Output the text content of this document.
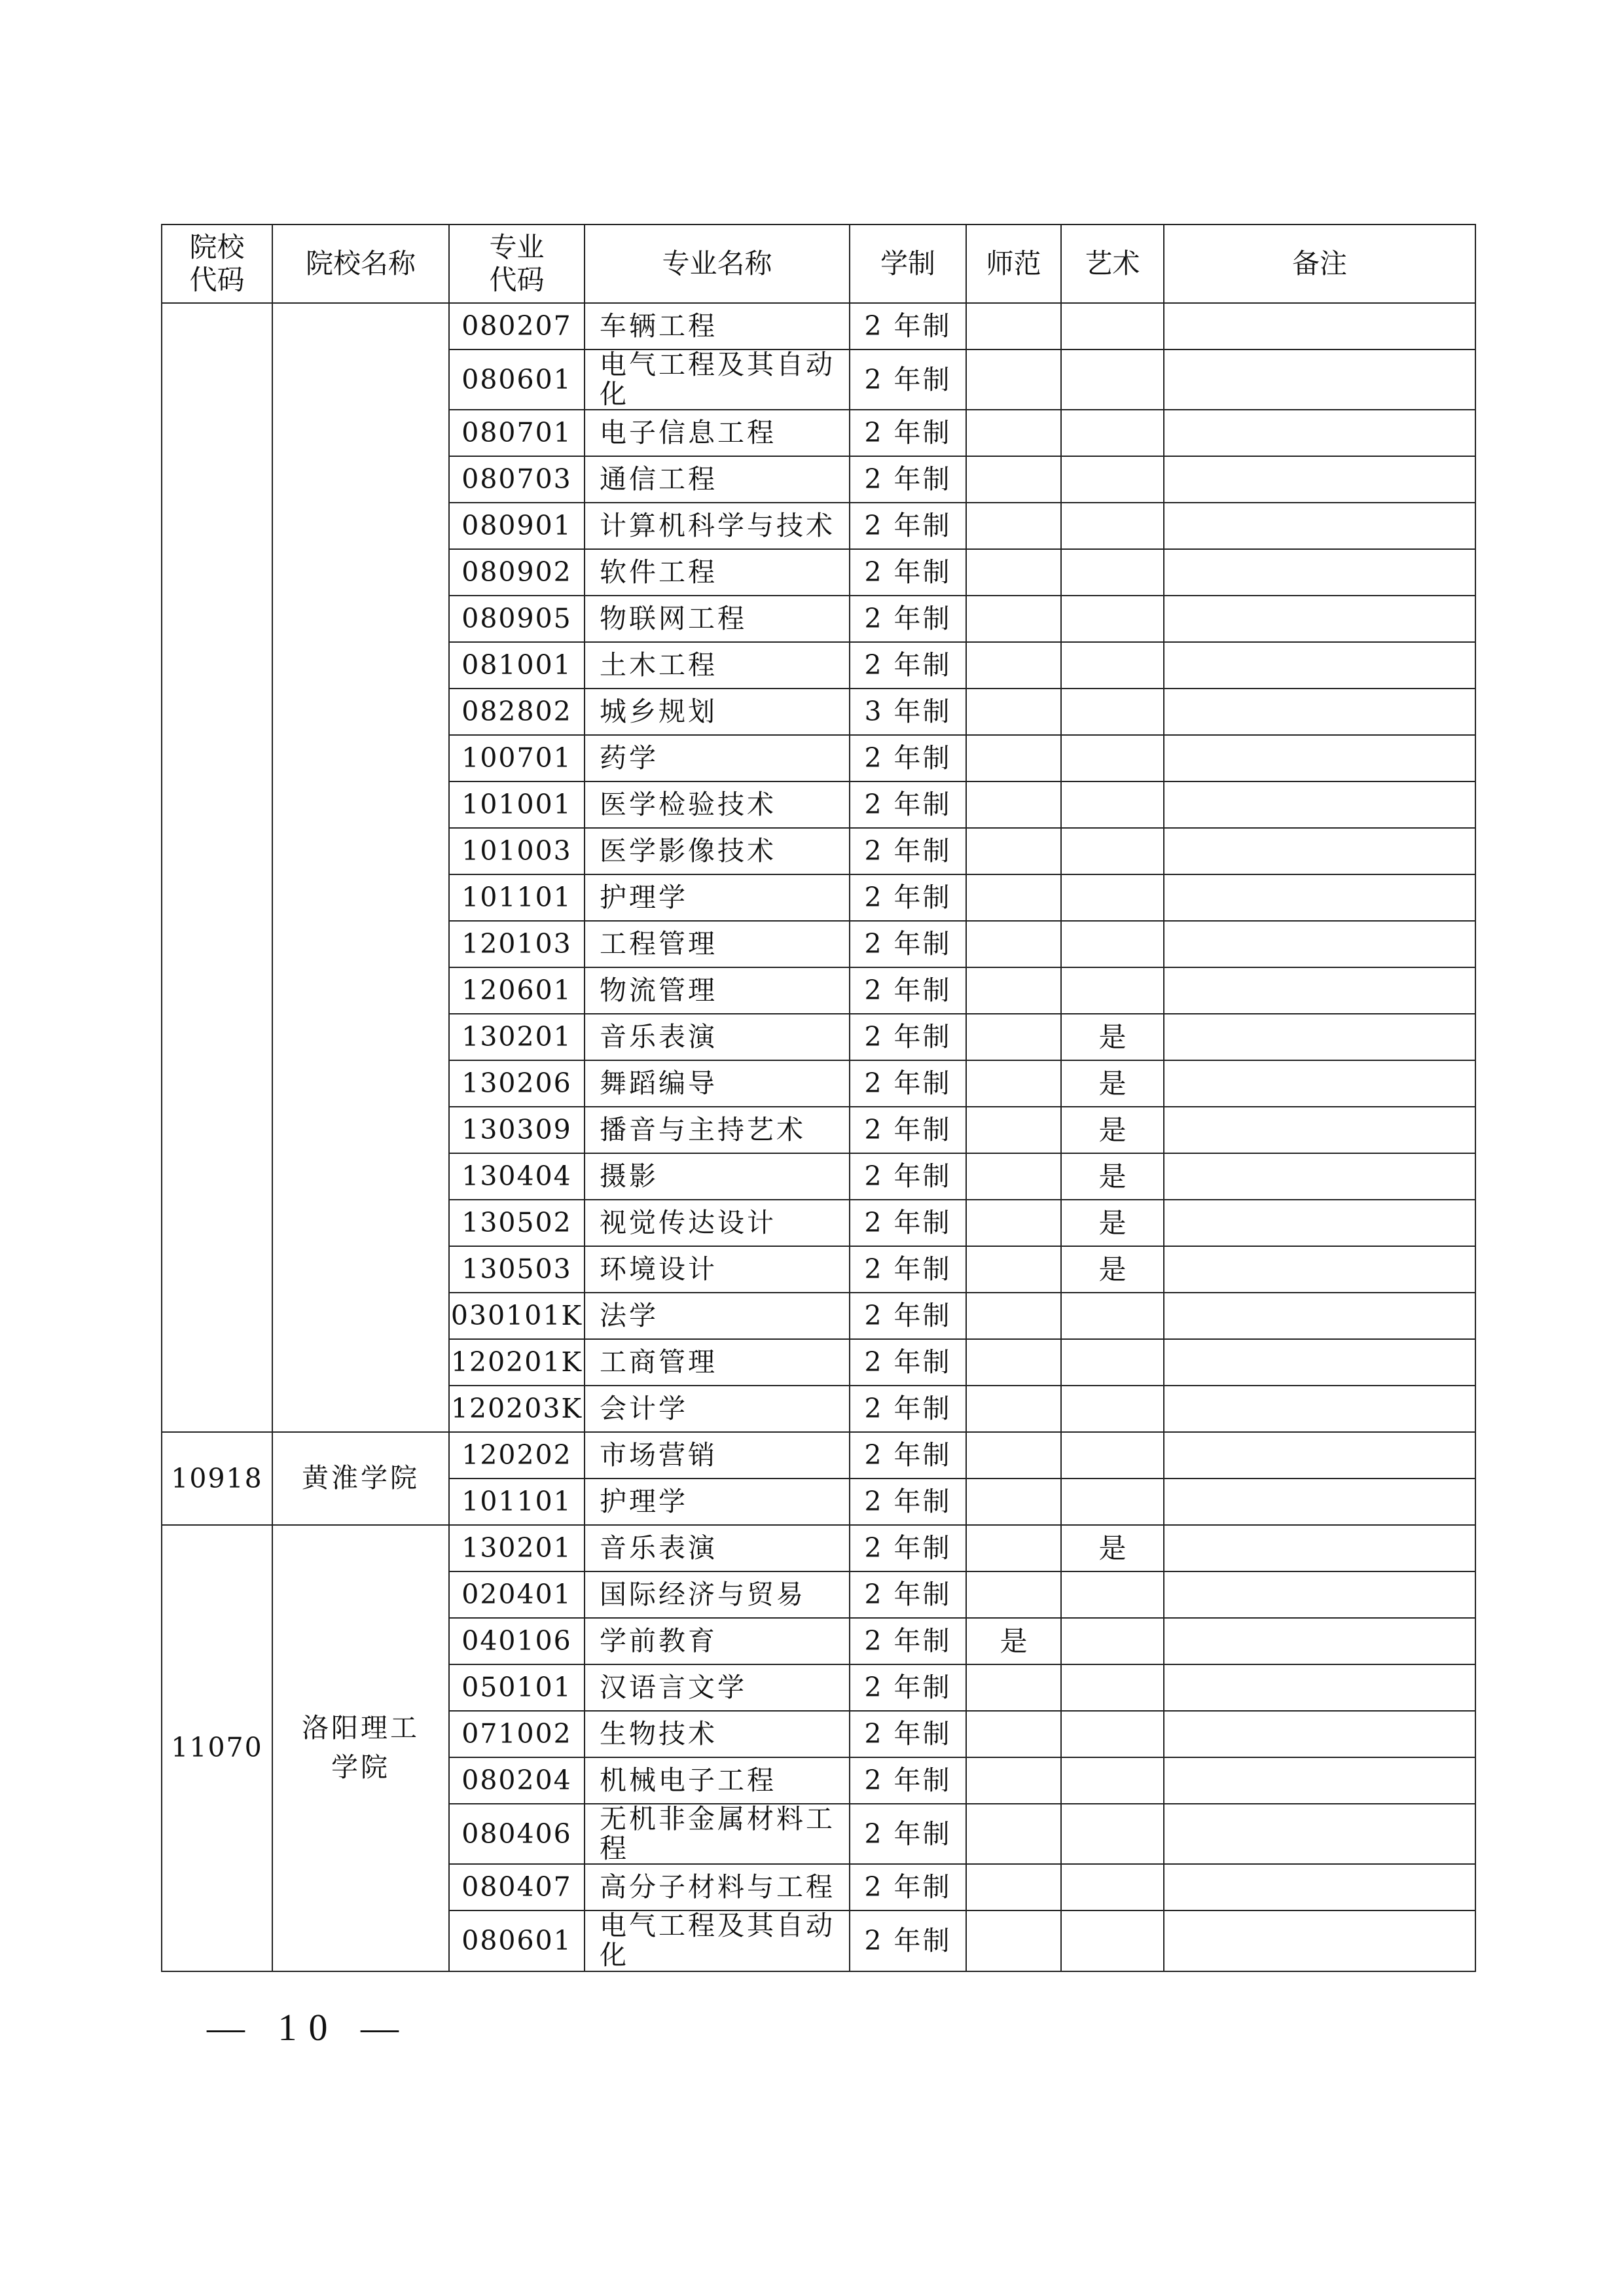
院校代码	院校名称	专业代码	专业名称	学制	师范	艺术	备注
		080207	车辆工程	2 年制			
		080601	电气工程及其自动化	2 年制			
		080701	电子信息工程	2 年制			
		080703	通信工程	2 年制			
		080901	计算机科学与技术	2 年制			
		080902	软件工程	2 年制			
		080905	物联网工程	2 年制			
		081001	土木工程	2 年制			
		082802	城乡规划	3 年制			
		100701	药学	2 年制			
		101001	医学检验技术	2 年制			
		101003	医学影像技术	2 年制			
		101101	护理学	2 年制			
		120103	工程管理	2 年制			
		120601	物流管理	2 年制			
		130201	音乐表演	2 年制		是	
		130206	舞蹈编导	2 年制		是	
		130309	播音与主持艺术	2 年制		是	
		130404	摄影	2 年制		是	
		130502	视觉传达设计	2 年制		是	
		130503	环境设计	2 年制		是	
		030101K	法学	2 年制			
		120201K	工商管理	2 年制			
		120203K	会计学	2 年制			
10918	黄淮学院	120202	市场营销	2 年制			
		101101	护理学	2 年制			
11070	洛阳理工学院	130201	音乐表演	2 年制		是	
		020401	国际经济与贸易	2 年制			
		040106	学前教育	2 年制	是		
		050101	汉语言文学	2 年制			
		071002	生物技术	2 年制			
		080204	机械电子工程	2 年制			
		080406	无机非金属材料工程	2 年制			
		080407	高分子材料与工程	2 年制			
		080601	电气工程及其自动化	2 年制			
— 10 —
